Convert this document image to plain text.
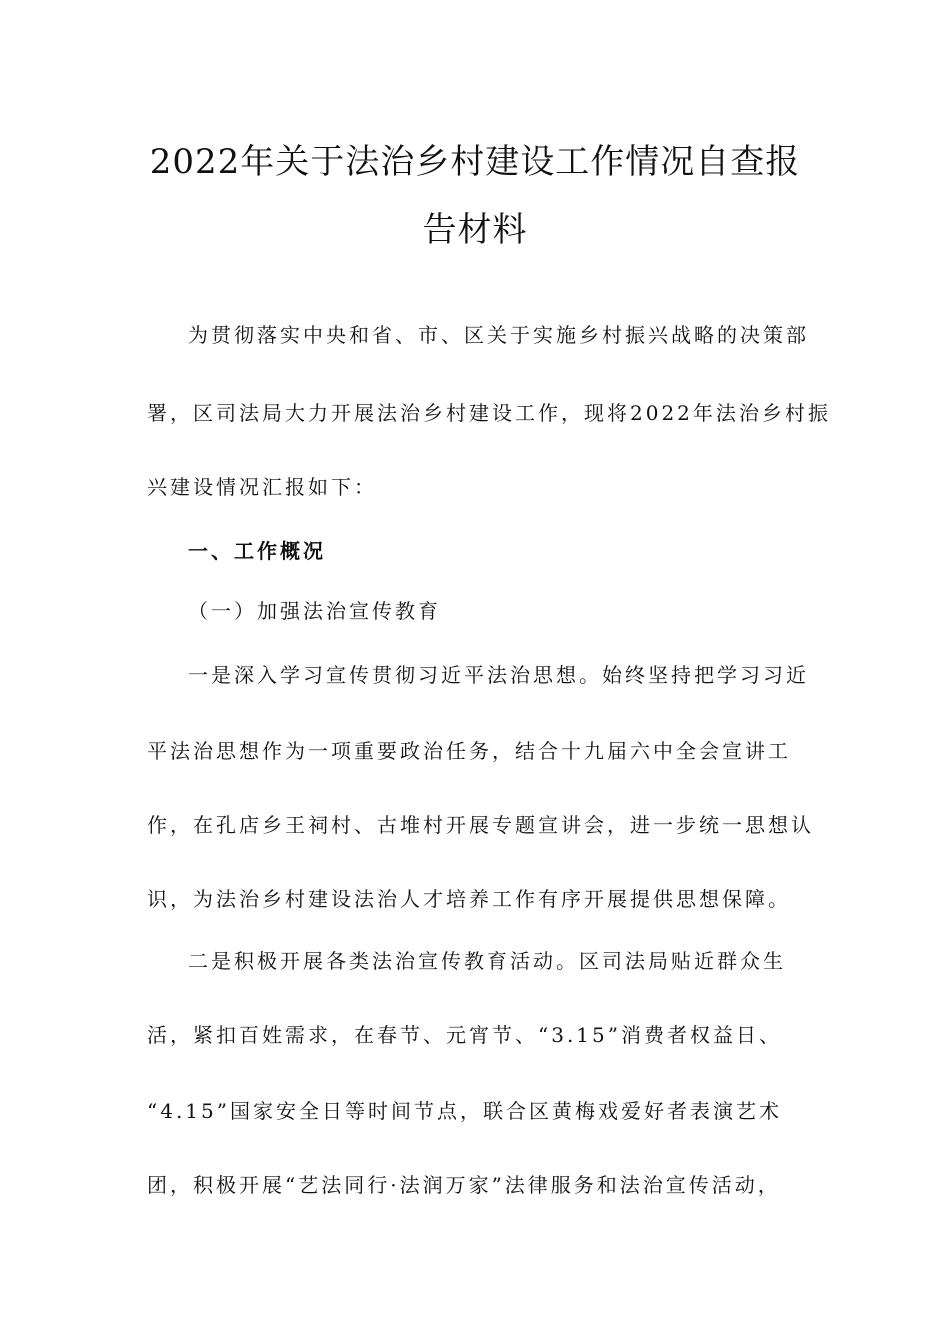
2022年关于法治乡村建设工作情况自查报
告材料

为贯彻落实中央和省、市、区关于实施乡村振兴战略的决策部

署，区司法局大力开展法治乡村建设工作，现将2022年法治乡村振

兴建设情况汇报如下：

一、工作概况

（一）加强法治宣传教育

一是深入学习宣传贯彻习近平法治思想。始终坚持把学习习近

平法治思想作为一项重要政治任务，结合十九届六中全会宣讲工

作，在孔店乡王祠村、古堆村开展专题宣讲会，进一步统一思想认

识，为法治乡村建设法治人才培养工作有序开展提供思想保障。

二是积极开展各类法治宣传教育活动。区司法局贴近群众生

活，紧扣百姓需求，在春节、元宵节、“3.15”消费者权益日、

“4.15”国家安全日等时间节点，联合区黄梅戏爱好者表演艺术

团，积极开展“艺法同行·法润万家”法律服务和法治宣传活动，
